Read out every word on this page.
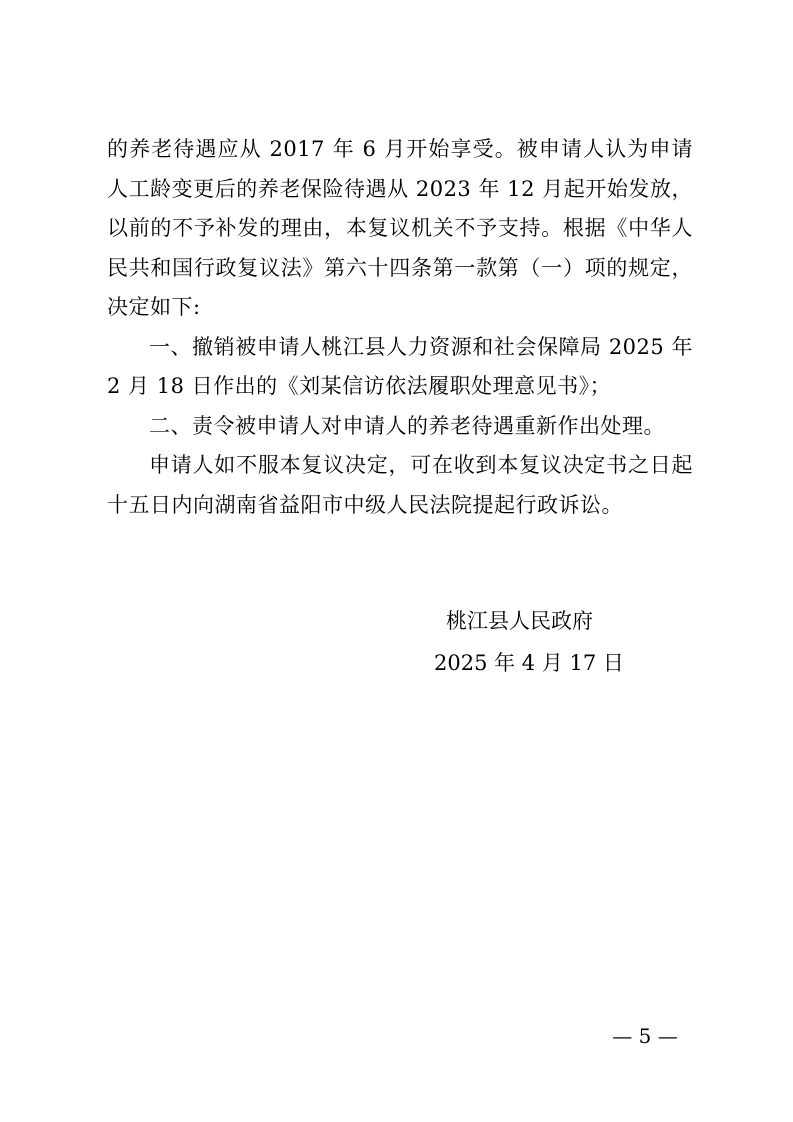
的养老待遇应从 2017 年 6 月开始享受。被申请人认为申请人工龄变更后的养老保险待遇从 2023 年 12 月起开始发放，以前的不予补发的理由，本复议机关不予支持。根据《中华人民共和国行政复议法》第六十四条第一款第（一）项的规定，决定如下:

一、撤销被申请人桃江县人力资源和社会保障局 2025 年 2 月 18 日作出的《刘某信访依法履职处理意见书》；

二、责令被申请人对申请人的养老待遇重新作出处理。

申请人如不服本复议决定，可在收到本复议决定书之日起十五日内向湖南省益阳市中级人民法院提起行政诉讼。

桃江县人民政府
2025 年 4 月 17 日
— 5 —
